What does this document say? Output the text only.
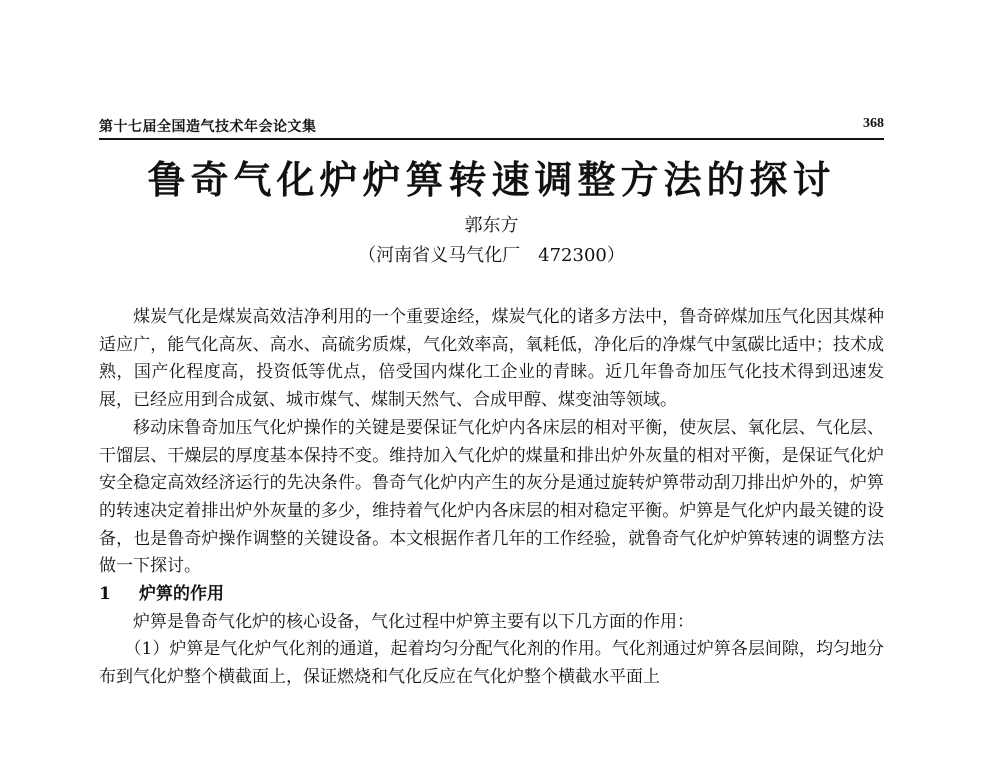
第十七届全国造气技术年会论文集	368
鲁奇气化炉炉箅转速调整方法的探讨
郭东方
（河南省义马气化厂　472300）

煤炭气化是煤炭高效洁净利用的一个重要途经，煤炭气化的诸多方法中，鲁奇碎煤加压气化因其煤种适应广，能气化高灰、高水、高硫劣质煤，气化效率高，氧耗低，净化后的净煤气中氢碳比适中；技术成熟，国产化程度高，投资低等优点，倍受国内煤化工企业的青睐。近几年鲁奇加压气化技术得到迅速发展，已经应用到合成氨、城市煤气、煤制天然气、合成甲醇、煤变油等领域。

移动床鲁奇加压气化炉操作的关键是要保证气化炉内各床层的相对平衡，使灰层、氧化层、气化层、干馏层、干燥层的厚度基本保持不变。维持加入气化炉的煤量和排出炉外灰量的相对平衡，是保证气化炉安全稳定高效经济运行的先决条件。鲁奇气化炉内产生的灰分是通过旋转炉箅带动刮刀排出炉外的，炉箅的转速决定着排出炉外灰量的多少，维持着气化炉内各床层的相对稳定平衡。炉箅是气化炉内最关键的设备，也是鲁奇炉操作调整的关键设备。本文根据作者几年的工作经验，就鲁奇气化炉炉箅转速的调整方法做一下探讨。

1 炉箅的作用

炉箅是鲁奇气化炉的核心设备，气化过程中炉箅主要有以下几方面的作用：

（1）炉箅是气化炉气化剂的通道，起着均匀分配气化剂的作用。气化剂通过炉箅各层间隙，均匀地分布到气化炉整个横截面上，保证燃烧和气化反应在气化炉整个横截水平面上
